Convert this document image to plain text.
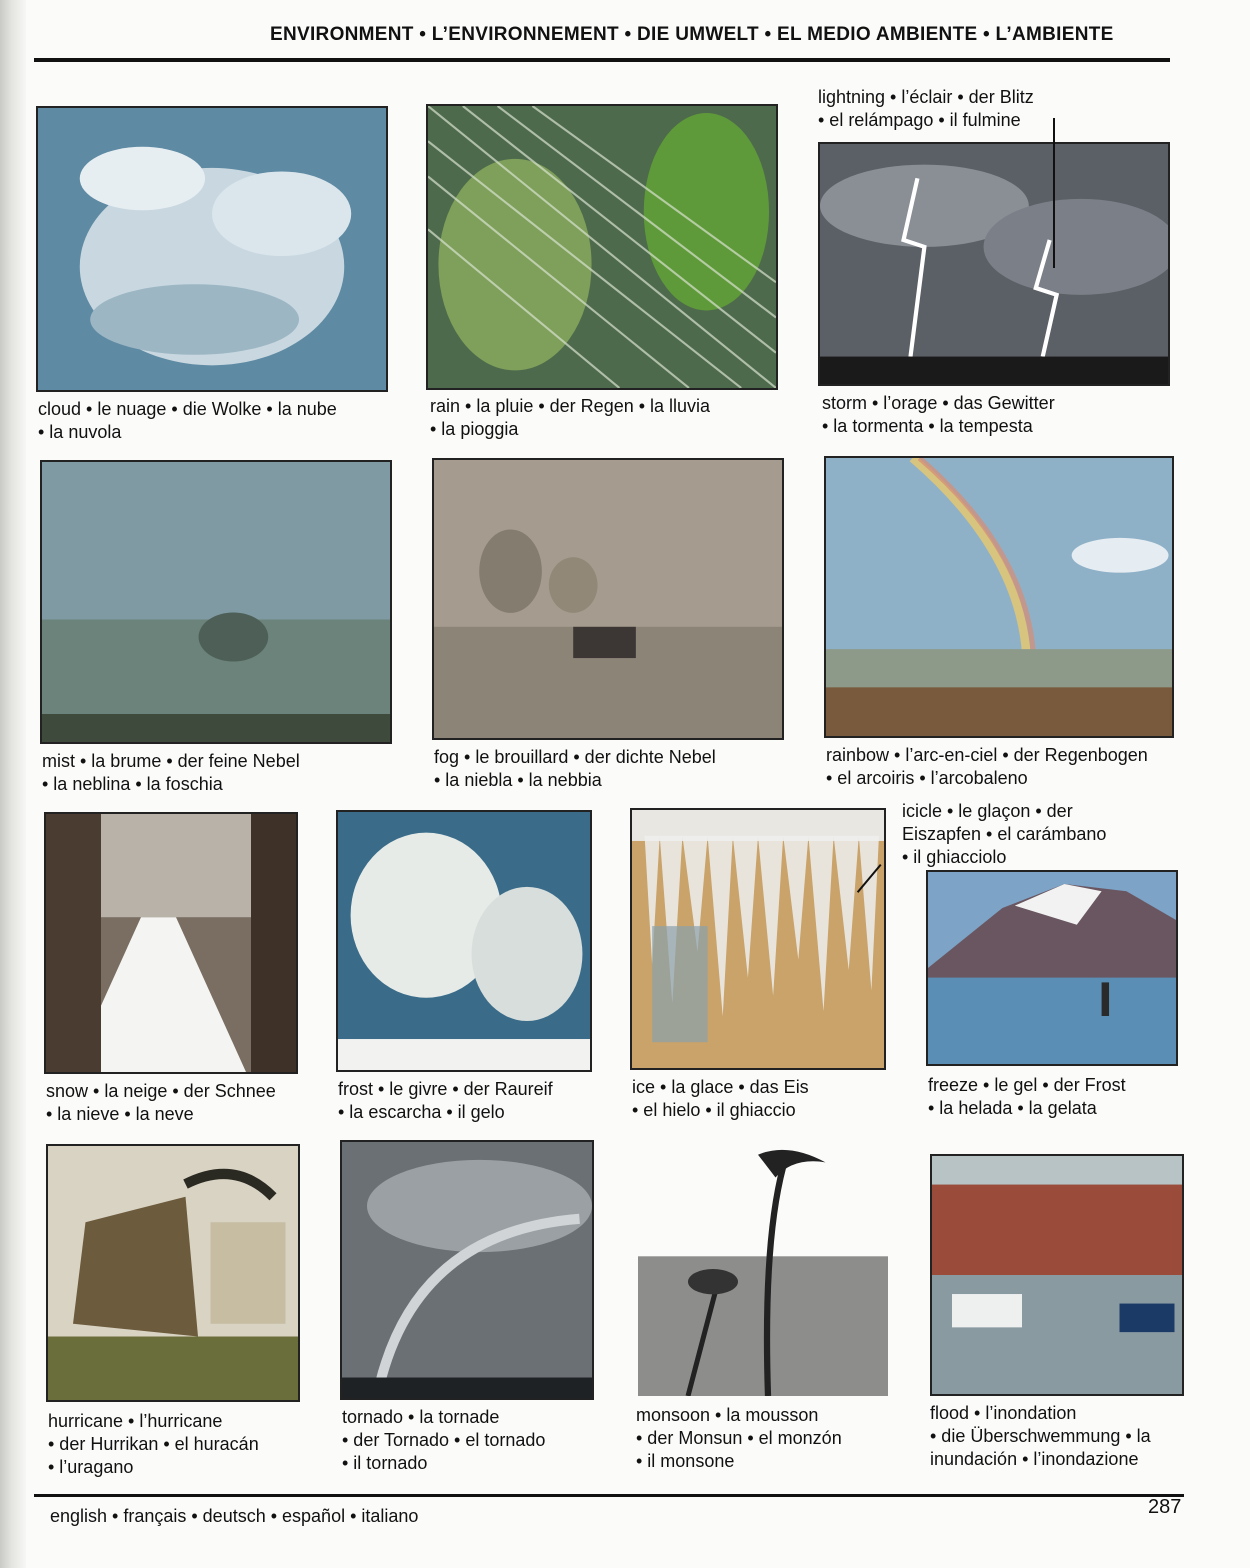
ENVIRONMENT • L’ENVIRONNEMENT • DIE UMWELT • EL MEDIO AMBIENTE • L’AMBIENTE
lightning • l’éclair • der Blitz
• el relámpago • il fulmine
cloud • le nuage • die Wolke • la nube
• la nuvola
rain • la pluie • der Regen • la lluvia
• la pioggia
storm • l’orage • das Gewitter
• la tormenta • la tempesta
mist • la brume • der feine Nebel
• la neblina • la foschia
fog • le brouillard • der dichte Nebel
• la niebla • la nebbia
rainbow • l’arc-en-ciel • der Regenbogen
• el arcoiris • l’arcobaleno
icicle • le glaçon • der
Eiszapfen • el carámbano
• il ghiacciolo
snow • la neige • der Schnee
• la nieve • la neve
frost • le givre • der Raureif
• la escarcha • il gelo
ice • la glace • das Eis
• el hielo • il ghiaccio
freeze • le gel • der Frost
• la helada • la gelata
hurricane • l’hurricane
• der Hurrikan • el huracán
• l’uragano
tornado • la tornade
• der Tornado • el tornado
• il tornado
monsoon • la mousson
• der Monsun • el monzón
• il monsone
flood • l’inondation
• die Überschwemmung • la
inundación • l’inondazione
english • français • deutsch • español • italiano	287
